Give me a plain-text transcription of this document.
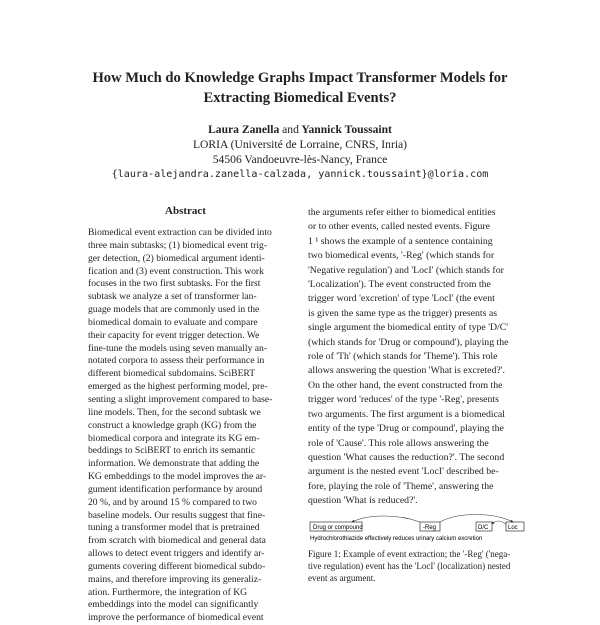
How Much do Knowledge Graphs Impact Transformer Models for
Extracting Biomedical Events?
Laura Zanella and Yannick Toussaint
LORIA (Université de Lorraine, CNRS, Inria)
54506 Vandoeuvre-lès-Nancy, France
{laura-alejandra.zanella-calzada, yannick.toussaint}@loria.com
Abstract
Biomedical event extraction can be divided into
three main subtasks; (1) biomedical event trig-
ger detection, (2) biomedical argument identi-
fication and (3) event construction. This work
focuses in the two first subtasks. For the first
subtask we analyze a set of transformer lan-
guage models that are commonly used in the
biomedical domain to evaluate and compare
their capacity for event trigger detection. We
fine-tune the models using seven manually an-
notated corpora to assess their performance in
different biomedical subdomains. SciBERT
emerged as the highest performing model, pre-
senting a slight improvement compared to base-
line models. Then, for the second subtask we
construct a knowledge graph (KG) from the
biomedical corpora and integrate its KG em-
beddings to SciBERT to enrich its semantic
information. We demonstrate that adding the
KG embeddings to the model improves the ar-
gument identification performance by around
20 %, and by around 15 % compared to two
baseline models. Our results suggest that fine-
tuning a transformer model that is pretrained
from scratch with biomedical and general data
allows to detect event triggers and identify ar-
guments covering different biomedical subdo-
mains, and therefore improving its generaliz-
ation. Furthermore, the integration of KG
embeddings into the model can significantly
improve the performance of biomedical event
the arguments refer either to biomedical entities
or to other events, called nested events. Figure
1 ¹ shows the example of a sentence containing
two biomedical events, '-Reg' (which stands for
'Negative regulation') and 'LocI' (which stands for
'Localization'). The event constructed from the
trigger word 'excretion' of type 'LocI' (the event
is given the same type as the trigger) presents as
single argument the biomedical entity of type 'D/C'
(which stands for 'Drug or compound'), playing the
role of 'Th' (which stands for 'Theme'). This role
allows answering the question 'What is excreted?'.
On the other hand, the event constructed from the
trigger word 'reduces' of the type '-Reg', presents
two arguments. The first argument is a biomedical
entity of the type 'Drug or compound', playing the
role of 'Cause'. This role allows answering the
question 'What causes the reduction?'. The second
argument is the nested event 'LocI' described be-
fore, playing the role of 'Theme', answering the
question 'What is reduced?'.
Drug or compound	-Reg	D/C	Loc
Hydrochlorothiazide effectively reduces urinary calcium excretion
Figure 1: Example of event extraction; the '-Reg' ('nega-
tive regulation) event has the 'LocI' (localization) nested
event as argument.
